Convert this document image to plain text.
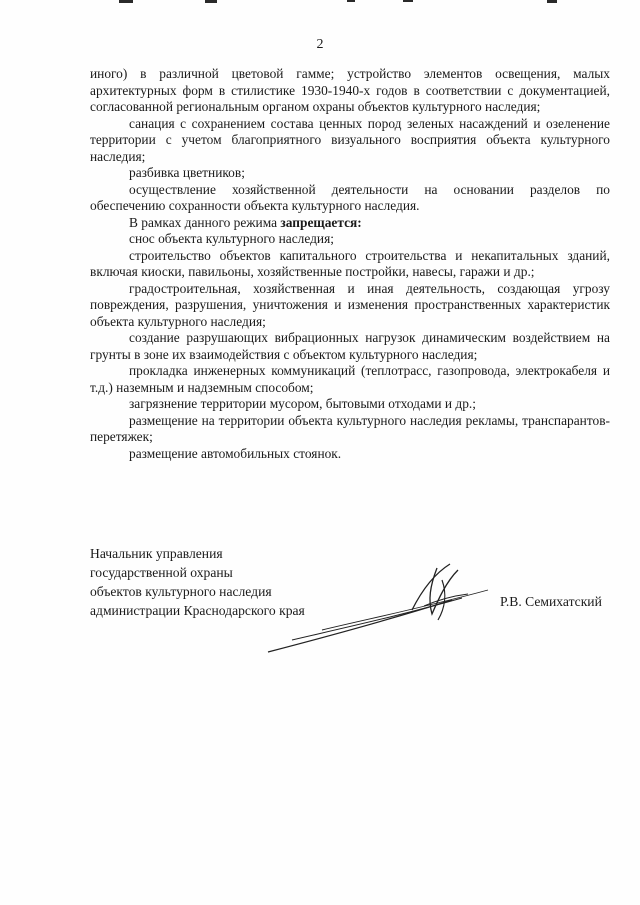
2

иного) в различной цветовой гамме; устройство элементов освещения, малых архитектурных форм в стилистике 1930-1940-х годов в соответствии с документацией, согласованной региональным органом охраны объектов культурного наследия;

санация с сохранением состава ценных пород зеленых насаждений и озеленение территории с учетом благоприятного визуального восприятия объекта культурного наследия;

разбивка цветников;

осуществление хозяйственной деятельности на основании разделов по обеспечению сохранности объекта культурного наследия.

В рамках данного режима запрещается:

сноc объекта культурного наследия;

строительство объектов капитального строительства и некапитальных зданий, включая киоски, павильоны, хозяйственные постройки, навесы, гаражи и др.;

градостроительная, хозяйственная и иная деятельность, создающая угрозу повреждения, разрушения, уничтожения и изменения пространственных характеристик объекта культурного наследия;

создание разрушающих вибрационных нагрузок динамическим воздействием на грунты в зоне их взаимодействия с объектом культурного наследия;

прокладка инженерных коммуникаций (теплотрасс, газопровода, электрокабеля и т.д.) наземным и надземным способом;

загрязнение территории мусором, бытовыми отходами и др.;

размещение на территории объекта культурного наследия рекламы, транспарантов-перетяжек;

размещение автомобильных стоянок.

Начальник управления
государственной охраны
объектов культурного наследия
администрации Краснодарского края
Р.В. Семихатский
